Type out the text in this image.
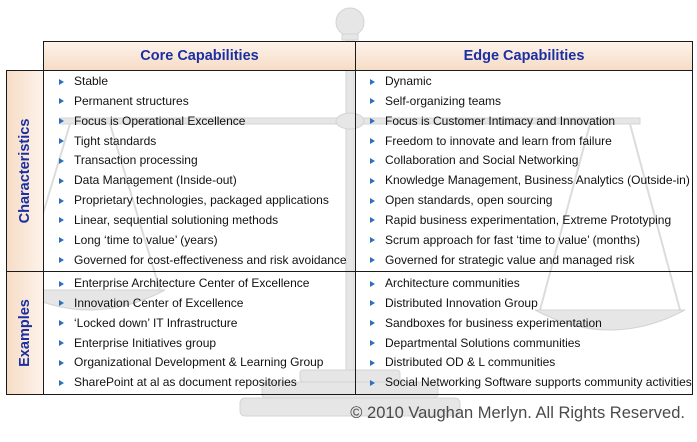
Core Capabilities	Edge Capabilities
Characteristics
Examples
Stable
Permanent structures
Focus is Operational Excellence
Tight standards
Transaction processing
Data Management (Inside-out)
Proprietary technologies, packaged applications
Linear, sequential solutioning methods
Long ‘time to value’ (years)
Governed for cost-effectiveness and risk avoidance
Dynamic
Self-organizing teams
Focus is Customer Intimacy and Innovation
Freedom to innovate and learn from failure
Collaboration and Social Networking
Knowledge Management, Business Analytics (Outside-in)
Open standards, open sourcing
Rapid business experimentation, Extreme Prototyping
Scrum approach for fast ‘time to value’ (months)
Governed for strategic value and managed risk
Enterprise Architecture Center of Excellence
Innovation Center of Excellence
‘Locked down’ IT Infrastructure
Enterprise Initiatives group
Organizational Development & Learning Group
SharePoint at al as document repositories
Architecture communities
Distributed Innovation Group
Sandboxes for business experimentation
Departmental Solutions communities
Distributed OD & L communities
Social Networking Software supports community activities
© 2010 Vaughan Merlyn. All Rights Reserved.
